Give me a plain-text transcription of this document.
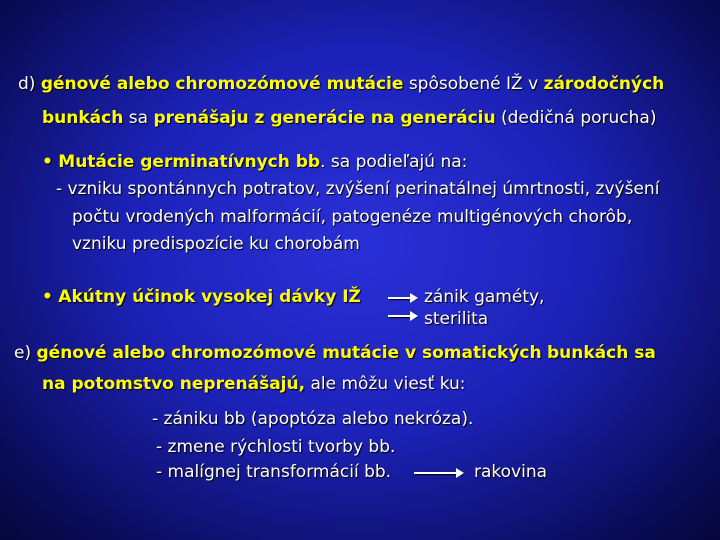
d) génové alebo chromozómové mutácie spôsobené IŽ v zárodočných
bunkách sa prenášaju z generácie na generáciu (dedičná porucha)
• Mutácie germinatívnych bb. sa podieľajú na:
- vzniku spontánnych potratov, zvýšení perinatálnej úmrtnosti, zvýšení
počtu vrodených malformácií, patogenéze multigénových chorôb,
vzniku predispozície ku chorobám
• Akútny účinok vysokej dávky IŽ	zánik gaméty,
sterilita
e) génové alebo chromozómové mutácie v somatických bunkách sa
na potomstvo neprenášajú, ale môžu viesť ku:
- zániku bb (apoptóza alebo nekróza).
- zmene rýchlosti tvorby bb.
- malígnej transformácií bb.	rakovina
